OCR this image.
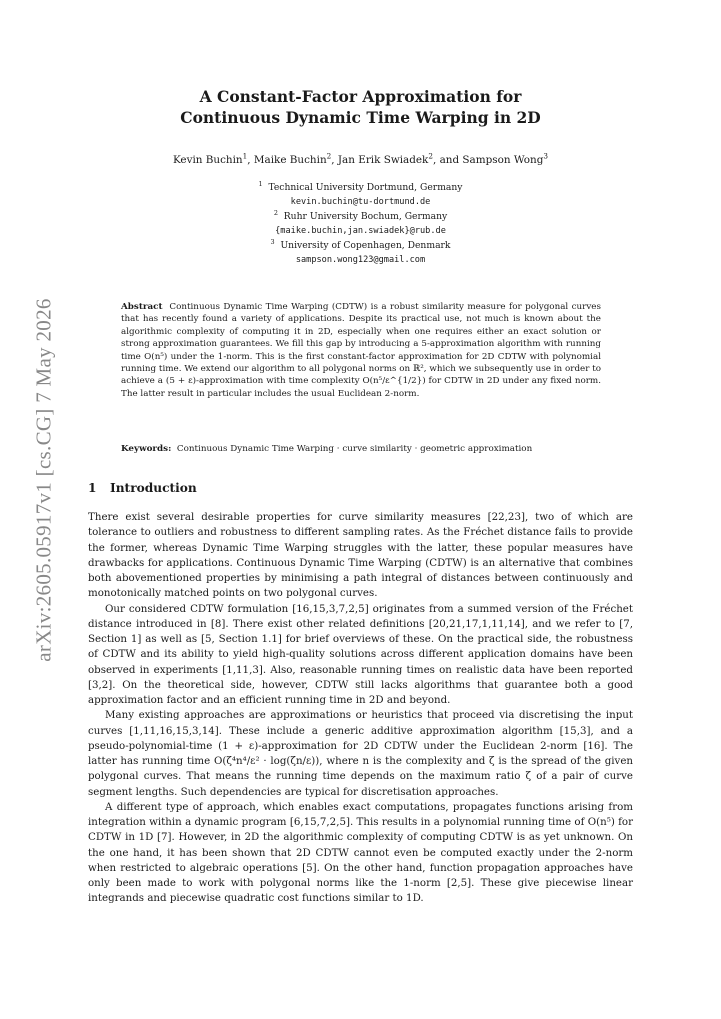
arXiv:2605.05917v1 [cs.CG] 7 May 2026
A Constant-Factor Approximation for
Continuous Dynamic Time Warping in 2D
Kevin Buchin$^1$, Maike Buchin$^2$, Jan Erik Swiadek$^2$, and Sampson Wong$^3$
$^1$ Technical University Dortmund, Germany
kevin.buchin@tu-dortmund.de
$^2$ Ruhr University Bochum, Germany
{maike.buchin,jan.swiadek}@rub.de
$^3$ University of Copenhagen, Denmark
sampson.wong123@gmail.com
Abstract Continuous Dynamic Time Warping (CDTW) is a robust similarity measure for polygonal curves that has recently found a variety of applications. Despite its practical use, not much is known about the algorithmic complexity of computing it in 2D, especially when one requires either an exact solution or strong approximation guarantees. We fill this gap by introducing a 5-approximation algorithm with running time O(n⁵) under the 1-norm. This is the first constant-factor approximation for 2D CDTW with polynomial running time. We extend our algorithm to all polygonal norms on ℝ², which we subsequently use in order to achieve a (5 + ε)-approximation with time complexity O(n⁵/ε^{1/2}) for CDTW in 2D under any fixed norm. The latter result in particular includes the usual Euclidean 2-norm.
Keywords: Continuous Dynamic Time Warping · curve similarity · geometric approximation
1 Introduction

There exist several desirable properties for curve similarity measures [22,23], two of which are tolerance to outliers and robustness to different sampling rates. As the Fréchet distance fails to provide the former, whereas Dynamic Time Warping struggles with the latter, these popular measures have drawbacks for applications. Continuous Dynamic Time Warping (CDTW) is an alternative that combines both abovementioned properties by minimising a path integral of distances between continuously and monotonically matched points on two polygonal curves.

Our considered CDTW formulation [16,15,3,7,2,5] originates from a summed version of the Fréchet distance introduced in [8]. There exist other related definitions [20,21,17,1,11,14], and we refer to [7, Section 1] as well as [5, Section 1.1] for brief overviews of these. On the practical side, the robustness of CDTW and its ability to yield high-quality solutions across different application domains have been observed in experiments [1,11,3]. Also, reasonable running times on realistic data have been reported [3,2]. On the theoretical side, however, CDTW still lacks algorithms that guarantee both a good approximation factor and an efficient running time in 2D and beyond.

Many existing approaches are approximations or heuristics that proceed via discretising the input curves [1,11,16,15,3,14]. These include a generic additive approximation algorithm [15,3], and a pseudo-polynomial-time (1 + ε)-approximation for 2D CDTW under the Euclidean 2-norm [16]. The latter has running time O(ζ⁴n⁴/ε² · log(ζn/ε)), where n is the complexity and ζ is the spread of the given polygonal curves. That means the running time depends on the maximum ratio ζ of a pair of curve segment lengths. Such dependencies are typical for discretisation approaches.

A different type of approach, which enables exact computations, propagates functions arising from integration within a dynamic program [6,15,7,2,5]. This results in a polynomial running time of O(n⁵) for CDTW in 1D [7]. However, in 2D the algorithmic complexity of computing CDTW is as yet unknown. On the one hand, it has been shown that 2D CDTW cannot even be computed exactly under the 2-norm when restricted to algebraic operations [5]. On the other hand, function propagation approaches have only been made to work with polygonal norms like the 1-norm [2,5]. These give piecewise linear integrands and piecewise quadratic cost functions similar to 1D.
